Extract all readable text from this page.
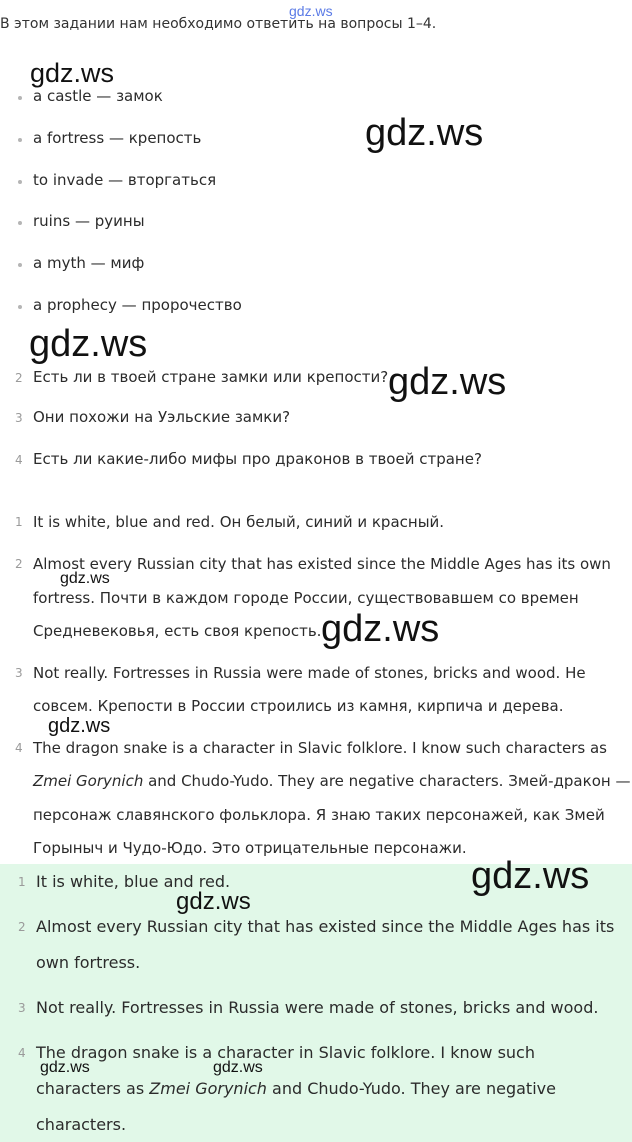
gdz.ws
В этом задании нам необходимо ответить на вопросы 1–4.
a castle — замок
a fortress — крепость
to invade — вторгаться
ruins — руины
a myth — миф
a prophecy — пророчество
2 Есть ли в твоей стране замки или крепости?
3 Они похожи на Уэльские замки?
4 Есть ли какие-либо мифы про драконов в твоей стране?
1 It is white, blue and red. Он белый, синий и красный.
2 Almost every Russian city that has existed since the Middle Ages has its own
fortress. Почти в каждом городе России, существовавшем со времен
Средневековья, есть своя крепость.
3 Not really. Fortresses in Russia were made of stones, bricks and wood. Не
совсем. Крепости в России строились из камня, кирпича и дерева.
4 The dragon snake is a character in Slavic folklore. I know such characters as
Zmei Gorynich and Chudo-Yudo. They are negative characters. Змей-дракон —
персонаж славянского фольклора. Я знаю таких персонажей, как Змей
Горыныч и Чудо-Юдо. Это отрицательные персонажи.
1 It is white, blue and red.
2 Almost every Russian city that has existed since the Middle Ages has its
own fortress.
3 Not really. Fortresses in Russia were made of stones, bricks and wood.
4 The dragon snake is a character in Slavic folklore. I know such
characters as Zmei Gorynich and Chudo-Yudo. They are negative
characters.
gdz.ws
gdz.ws
gdz.ws
gdz.ws
gdz.ws
gdz.ws
gdz.ws
gdz.ws
gdz.ws
gdz.ws	gdz.ws
